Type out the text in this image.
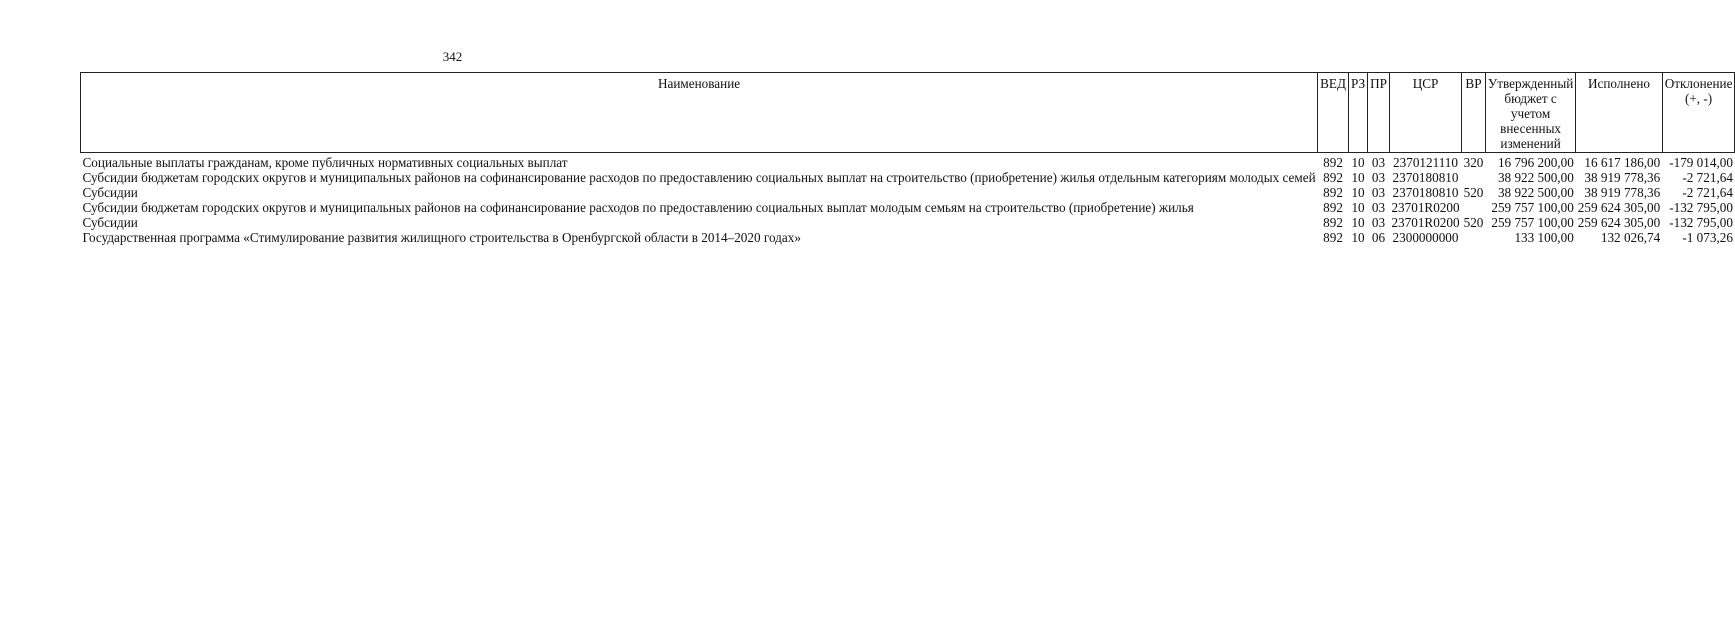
342
Наименование	ВЕД	РЗ	ПР	ЦСР	ВР	Утвержденный бюджет с учетом внесенных изменений	Исполнено	Отклонение (+, -)

Социальные выплаты гражданам, кроме публичных нормативных социальных выплат	892	10	03	2370121110	320	16 796 200,00	16 617 186,00	-179 014,00
Субсидии бюджетам городских округов и муниципальных районов на софинансирование расходов по предоставлению социальных выплат на строительство (приобретение) жилья отдельным категориям молодых семей	892	10	03	2370180810		38 922 500,00	38 919 778,36	-2 721,64
Субсидии	892	10	03	2370180810	520	38 922 500,00	38 919 778,36	-2 721,64
Субсидии бюджетам городских округов и муниципальных районов на софинансирование расходов по предоставлению социальных выплат молодым семьям на строительство (приобретение) жилья	892	10	03	23701R0200		259 757 100,00	259 624 305,00	-132 795,00
Субсидии	892	10	03	23701R0200	520	259 757 100,00	259 624 305,00	-132 795,00
Государственная программа «Стимулирование развития жилищного строительства в Оренбургской области в 2014–2020 годах»	892	10	06	2300000000		133 100,00	132 026,74	-1 073,26
